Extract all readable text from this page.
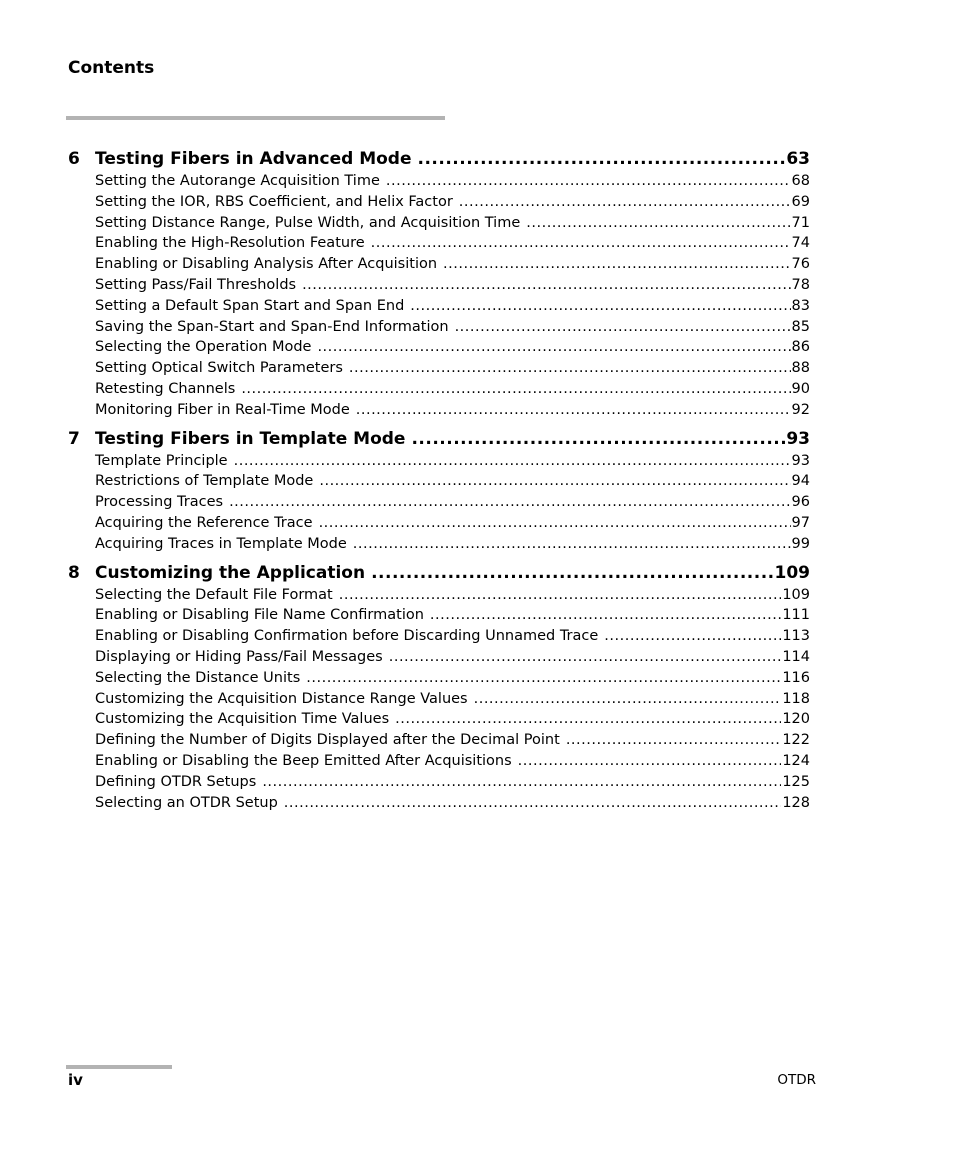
Contents
6 Testing Fibers in Advanced Mode .....	63
Setting the Autorange Acquisition Time .....	68
Setting the IOR, RBS Coefficient, and Helix Factor .....	69
Setting Distance Range, Pulse Width, and Acquisition Time .....	71
Enabling the High-Resolution Feature .....	74
Enabling or Disabling Analysis After Acquisition .....	76
Setting Pass/Fail Thresholds .....	78
Setting a Default Span Start and Span End .....	83
Saving the Span-Start and Span-End Information .....	85
Selecting the Operation Mode .....	86
Setting Optical Switch Parameters .....	88
Retesting Channels .....	90
Monitoring Fiber in Real-Time Mode .....	92
7 Testing Fibers in Template Mode .....	93
Template Principle .....	93
Restrictions of Template Mode .....	94
Processing Traces .....	96
Acquiring the Reference Trace .....	97
Acquiring Traces in Template Mode .....	99
8 Customizing the Application .....	109
Selecting the Default File Format .....	109
Enabling or Disabling File Name Confirmation .....	111
Enabling or Disabling Confirmation before Discarding Unnamed Trace .....	113
Displaying or Hiding Pass/Fail Messages .....	114
Selecting the Distance Units .....	116
Customizing the Acquisition Distance Range Values .....	118
Customizing the Acquisition Time Values .....	120
Defining the Number of Digits Displayed after the Decimal Point .....	122
Enabling or Disabling the Beep Emitted After Acquisitions .....	124
Defining OTDR Setups .....	125
Selecting an OTDR Setup .....	128
iv	OTDR
